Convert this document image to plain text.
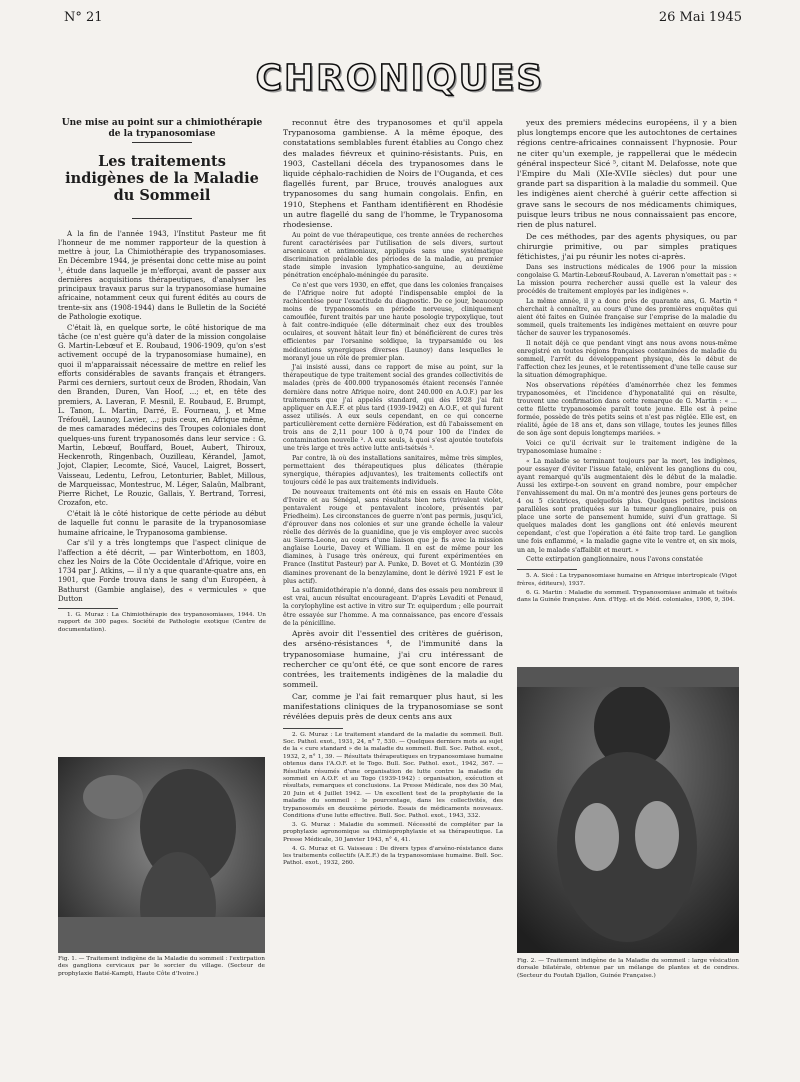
N° 21	26 Mai 1945
CHRONIQUES

Une mise au point sur a chimiothérapie de la trypanosomiase

Les traitements indigènes de la Maladie du Sommeil

A la fin de l'année 1943, l'Institut Pasteur me fit l'honneur de me nommer rapporteur de la question à mettre à jour, La Chimiothérapie des trypanosomiases. En Décembre 1944, je présentai donc cette mise au point ¹, étude dans laquelle je m'efforçai, avant de passer aux dernières acquisitions thérapeutiques, d'analyser les principaux travaux parus sur la trypanosomiase humaine africaine, notamment ceux qui furent édités au cours de trente-six ans (1908-1944) dans le Bulletin de la Société de Pathologie exotique.

C'était là, en quelque sorte, le côté historique de ma tâche (ce n'est guère qu'à dater de la mission congolaise G. Martin-Lebœuf et E. Roubaud, 1906-1909, qu'on s'est activement occupé de la trypanosomiase humaine), en quoi il m'apparaissait nécessaire de mettre en relief les efforts considérables de savants français et étrangers. Parmi ces derniers, surtout ceux de Broden, Rhodain, Van den Branden, Duren, Van Hoof, ...; et, en tête des premiers, A. Laveran, F. Mesnil, E. Roubaud, E. Brumpt, L. Tanon, L. Martin, Darré, E. Fourneau, J. et Mme Tréfouël, Launoy, Lavier, ...; puis ceux, en Afrique même, de mes camarades médecins des Troupes coloniales dont quelques-uns furent trypanosomés dans leur service : G. Martin, Lebœuf, Bouffard, Bouet, Aubert, Thiroux, Heckenroth, Ringenbach, Ouzilleau, Kérandel, Jamot, Jojot, Clapier, Lecomte, Sicé, Vaucel, Laigret, Bossert, Vaisseau, Ledentu, Lefrou, Letonturier, Bablet, Millous, de Marqueissac, Montestruc, M. Léger, Salaün, Malbrant, Pierre Richet, Le Rouzic, Gallais, Y. Bertrand, Torresi, Crozafon, etc.

C'était là le côté historique de cette période au début de laquelle fut connu le parasite de la trypanosomiase humaine africaine, le Trypanosoma gambiense.

Car s'il y a très longtemps que l'aspect clinique de l'affection a été décrit, — par Winterbottom, en 1803, chez les Noirs de la Côte Occidentale d'Afrique, voire en 1734 par J. Atkins, — il n'y a que quarante-quatre ans, en 1901, que Forde trouva dans le sang d'un Européen, à Bathurst (Gambie anglaise), des « vermicules » que Dutton

1. G. Muraz : La Chimiothérapie des trypanosomiases, 1944. Un rapport de 300 pages. Société de Pathologie exotique (Centre de documentation).

Fig. 1. — Traitement indigène de la Maladie du sommeil : l'extirpation des ganglions cervicaux par le sorcier du village. (Secteur de prophylaxie Batié-Kampti, Haute Côte d'Ivoire.)

reconnut être des trypanosomes et qu'il appela Trypanosoma gambiense. A la même époque, des constatations semblables furent établies au Congo chez des malades fiévreux et quinino-résistants. Puis, en 1903, Castellani décela des trypanosomes dans le liquide céphalo-rachidien de Noirs de l'Ouganda, et ces flagellés furent, par Bruce, trouvés analogues aux trypanosomes du sang humain congolais. Enfin, en 1910, Stephens et Fantham identifièrent en Rhodésie un autre flagellé du sang de l'homme, le Trypanosoma rhodesiense.

Au point de vue thérapeutique, ces trente années de recherches furent caractérisées par l'utilisation de sels divers, surtout arsenicaux et antimoniaux, appliqués sans une systématique discrimination préalable des périodes de la maladie, au premier stade simple invasion lymphatico-sanguine, au deuxième pénétration encéphalo-méningée du parasite.

Ce n'est que vers 1930, en effet, que dans les colonies françaises de l'Afrique noire fut adopté l'indispensable emploi de la rachicentèse pour l'exactitude du diagnostic. De ce jour, beaucoup moins de trypanosomés en période nerveuse, cliniquement camouflée, furent traités par une haute posologie trypoxylique, tout à fait contre-indiquée (elle déterminait chez eux des troubles oculaires, et souvent hâtait leur fin) et bénéficièrent de cures très efficientes par l'orsanine soldique, la tryparsamide ou les médications synergiques diverses (Launoy) dans lesquelles le moranyl joue un rôle de premier plan.

J'ai insisté aussi, dans ce rapport de mise au point, sur la thérapeutique de type traitement social des grandes collectivités de malades (près de 400.000 trypanosomés étaient recensés l'année dernière dans notre Afrique noire, dont 240.000 en A.O.F.) par les traitements que j'ai appelés standard, qui dès 1928 j'ai fait appliquer en A.E.F. et plus tard (1939-1942) en A.O.F., et qui furent assez utilisés. A eux seuls cependant, en ce qui concerne particulièrement cette dernière Fédération, est dû l'abaissement en trois ans de 2,11 pour 100 à 0,74 pour 100 de l'index de contamination nouvelle ². A eux seuls, à quoi s'est ajoutée toutefois une très large et très active lutte anti-tsétsés ³.

Par contre, là où des installations sanitaires, même très simples, permettaient des thérapeutiques plus délicates (thérapie synergique, thérapies adjuvantes), les traitements collectifs ont toujours cédé le pas aux traitements individuels.

De nouveaux traitements ont été mis en essais en Haute Côte d'Ivoire et au Sénégal, sans résultats bien nets (trivalent violet, pentavalent rouge et pentavalent incolore, présentés par Friedheim). Les circonstances de guerre n'ont pas permis, jusqu'ici, d'éprouver dans nos colonies et sur une grande échelle la valeur réelle des dérivés de la guanidine, que je vis employer avec succès au Sierra-Leone, au cours d'une liaison que je fis avec la mission anglaise Lourie, Davey et William. Il en est de même pour les diamines, à l'usage très onéreux, qui furent expérimentées en France (Institut Pasteur) par A. Funke, D. Bovet et G. Montézin (39 diamines provenant de la benzylamine, dont le dérivé 1921 F est le plus actif).

La sulfamidothérapie n'a donné, dans des essais peu nombreux il est vrai, aucun résultat encourageant. D'après Levaditi et Penaud, la corylophyline est active in vitro sur Tr. equiperdum ; elle pourrait être essayée sur l'homme. A ma connaissance, pas encore d'essais de la pénicilline.

Après avoir dit l'essentiel des critères de guérison, des arséno-résistances ⁴, de l'immunité dans la trypanosomiase humaine, j'ai cru intéressant de rechercher ce qu'ont été, ce que sont encore de rares contrées, les traitements indigènes de la maladie du sommeil.

Car, comme je l'ai fait remarquer plus haut, si les manifestations cliniques de la trypanosomiase se sont révélées depuis près de deux cents ans aux

2. G. Muraz : Le traitement standard de la maladie du sommeil. Bull. Soc. Pathol. exot., 1931, 24, n° 7, 530. — Quelques derniers mots au sujet de la « cure standard » de la maladie du sommeil. Bull. Soc. Pathol. exot., 1932, 2, n° 1, 39. — Résultats thérapeutiques en trypanosomiase humaine obtenus dans l'A.O.F. et le Togo. Bull. Soc. Pathol. exot., 1942, 367. — Résultats résumés d'une organisation de lutte contre la maladie du sommeil en A.O.F. et au Togo (1939-1942) : organisation, exécution et résultats, remarques et conclusions. La Presse Médicale, nos des 30 Mai, 20 Juin et 4 Juillet 1942. — Un excellent test de la prophylaxie de la maladie du sommeil : le pourcentage, dans les collectivités, des trypanosomés en deuxième période. Essais de médicaments nouveaux. Conditions d'une lutte effective. Bull. Soc. Pathol. exot., 1943, 332.

3. G. Muraz : Maladie du sommeil. Nécessité de compléter par la prophylaxie agronomique sa chimioprophylaxie et sa thérapeutique. La Presse Médicale, 30 Janvier 1943, n° 4, 41.

4. G. Muraz et G. Vaisseau : De divers types d'arséno-résistance dans les traitements collectifs (A.E.F.) de la trypanosomiase humaine. Bull. Soc. Pathol. exot., 1932, 260.

yeux des premiers médecins européens, il y a bien plus longtemps encore que les autochtones de certaines régions centre-africaines connaissent l'hypnosie. Pour ne citer qu'un exemple, je rappellerai que le médecin général inspecteur Sicé ⁵, citant M. Delafosse, note que l'Empire du Mali (XIe-XVIIe siècles) dut pour une grande part sa disparition à la maladie du sommeil. Que les indigènes aient cherché à guérir cette affection si grave sans le secours de nos médicaments chimiques, puisque leurs tribus ne nous connaissaient pas encore, rien de plus naturel.

De ces méthodes, par des agents physiques, ou par chirurgie primitive, ou par simples pratiques fétichistes, j'ai pu réunir les notes ci-après.

Dans ses instructions médicales de 1906 pour la mission congolaise G. Martin-Lebœuf-Roubaud, A. Laveran n'omettait pas : « La mission pourra rechercher aussi quelle est la valeur des procédés de traitement employés par les indigènes ».

La même année, il y a donc près de quarante ans, G. Martin ⁶ cherchait à connaître, au cours d'une des premières enquêtes qui aient été faites en Guinée française sur l'emprise de la maladie du sommeil, quels traitements les indigènes mettaient en œuvre pour tâcher de sauver les trypanosomés.

Il notait déjà ce que pendant vingt ans nous avons nous-même enregistré en toutes régions françaises contaminées de maladie du sommeil, l'arrêt du développement physique, dès le début de l'affection chez les jeunes, et le retentissement d'une telle cause sur la situation démographique.

Nos observations répétées d'aménorrhée chez les femmes trypanosomées, et l'incidence d'hyponatalité qui en résulte, trouvent une confirmation dans cette remarque de G. Martin : « ... cette filette trypanosomée paraît toute jeune. Elle est à peine formée, possède de très petits seins et n'est pas réglée. Elle est, en réalité, âgée de 18 ans et, dans son village, toutes les jeunes filles de son âge sont depuis longtemps mariées. »

Voici ce qu'il écrivait sur le traitement indigène de la trypanosomiase humaine :

« La maladie se terminant toujours par la mort, les indigènes, pour essayer d'éviter l'issue fatale, enlèvent les ganglions du cou, ayant remarqué qu'ils augmentaient dès le début de la maladie. Aussi les extirpe-t-on souvent en grand nombre, pour empêcher l'envahissement du mal. On m'a montré des jeunes gens porteurs de 4 ou 5 cicatrices, quelquefois plus. Quelques petites incisions parallèles sont pratiquées sur la tumeur ganglionnaire, puis on place une sorte de pansement humide, suivi d'un grattage. Si quelques malades dont les ganglions ont été enlevés meurent cependant, c'est que l'opération a été faite trop tard. Le ganglion une fois enflammé, « la maladie gagne vite le ventre et, en six mois, un an, le malade s'affaiblit et meurt. »

Cette extirpation ganglionnaire, nous l'avons constatée

5. A. Sicé : La trypanosomiase humaine en Afrique intertropicale (Vigot frères, éditeurs), 1937.

6. G. Martin : Maladie du sommeil. Trypanosomiase animale et tsétsés dans la Guinée française. Ann. d'Hyg. et de Méd. coloniales, 1906, 9, 304.

Fig. 2. — Traitement indigène de la Maladie du sommeil : large vésication dorsale bilatérale, obtenue par un mélange de plantes et de cendres. (Secteur du Foutah Djallon, Guinée Française.)
